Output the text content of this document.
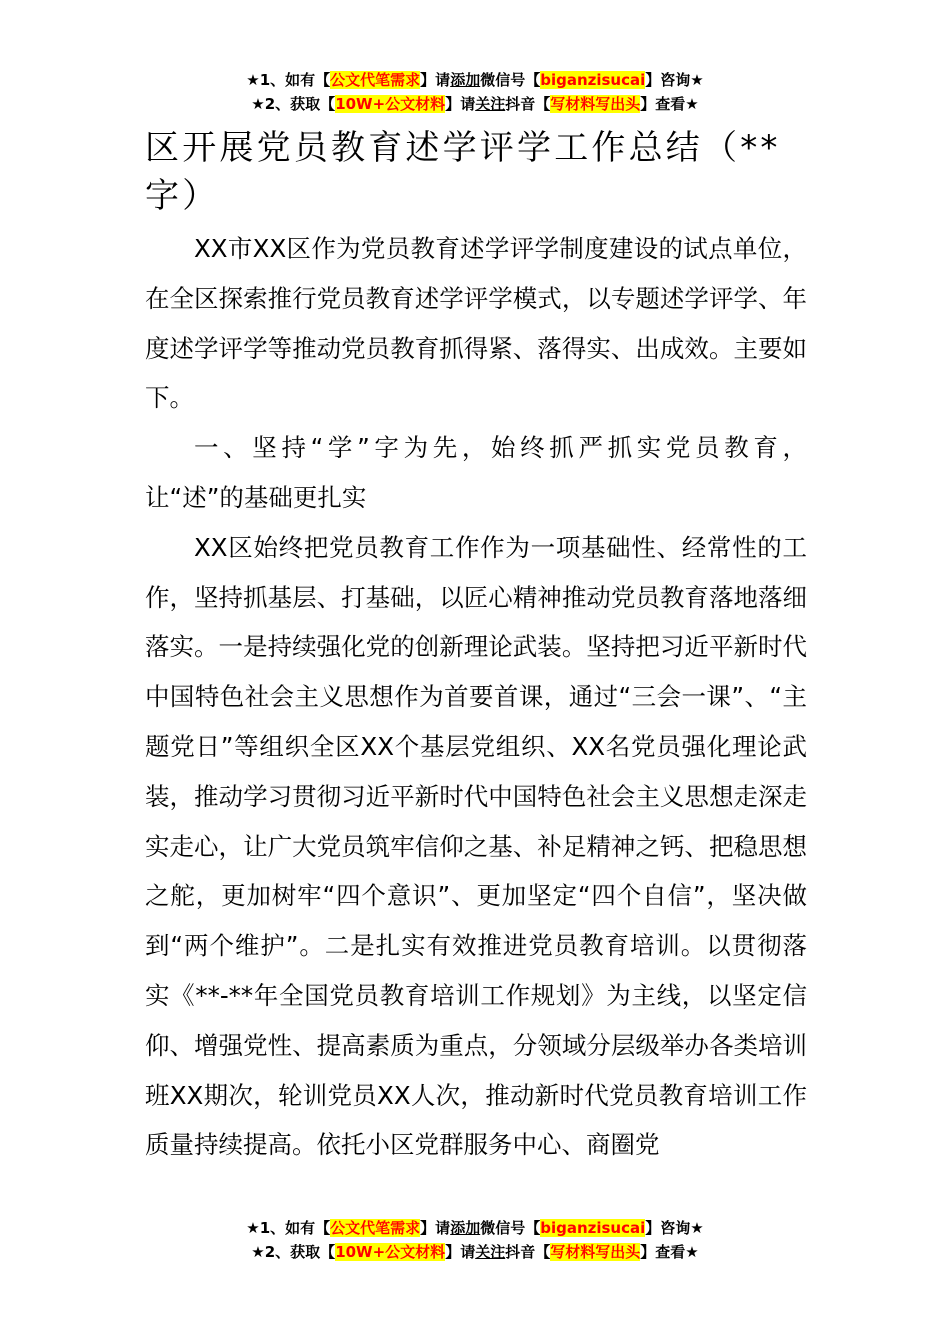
★1、如有【公文代笔需求】请添加微信号【biganzisucai】咨询★
★2、获取【10W+公文材料】请关注抖音【写材料写出头】查看★
区开展党员教育述学评学工作总结（**字）

XX市XX区作为党员教育述学评学制度建设的试点单位，在全区探索推行党员教育述学评学模式，以专题述学评学、年度述学评学等推动党员教育抓得紧、落得实、出成效。主要如下。

一、坚持“学”字为先，始终抓严抓实党员教育，让“述”的基础更扎实

XX区始终把党员教育工作作为一项基础性、经常性的工作，坚持抓基层、打基础，以匠心精神推动党员教育落地落细落实。一是持续强化党的创新理论武装。坚持把习近平新时代中国特色社会主义思想作为首要首课，通过“三会一课”、“主题党日”等组织全区XX个基层党组织、XX名党员强化理论武装，推动学习贯彻习近平新时代中国特色社会主义思想走深走实走心，让广大党员筑牢信仰之基、补足精神之钙、把稳思想之舵，更加树牢“四个意识”、更加坚定“四个自信”，坚决做到“两个维护”。二是扎实有效推进党员教育培训。以贯彻落实《**-**年全国党员教育培训工作规划》为主线，以坚定信仰、增强党性、提高素质为重点，分领域分层级举办各类培训班XX期次，轮训党员XX人次，推动新时代党员教育培训工作质量持续提高。依托小区党群服务中心、商圈党

★1、如有【公文代笔需求】请添加微信号【biganzisucai】咨询★
★2、获取【10W+公文材料】请关注抖音【写材料写出头】查看★
